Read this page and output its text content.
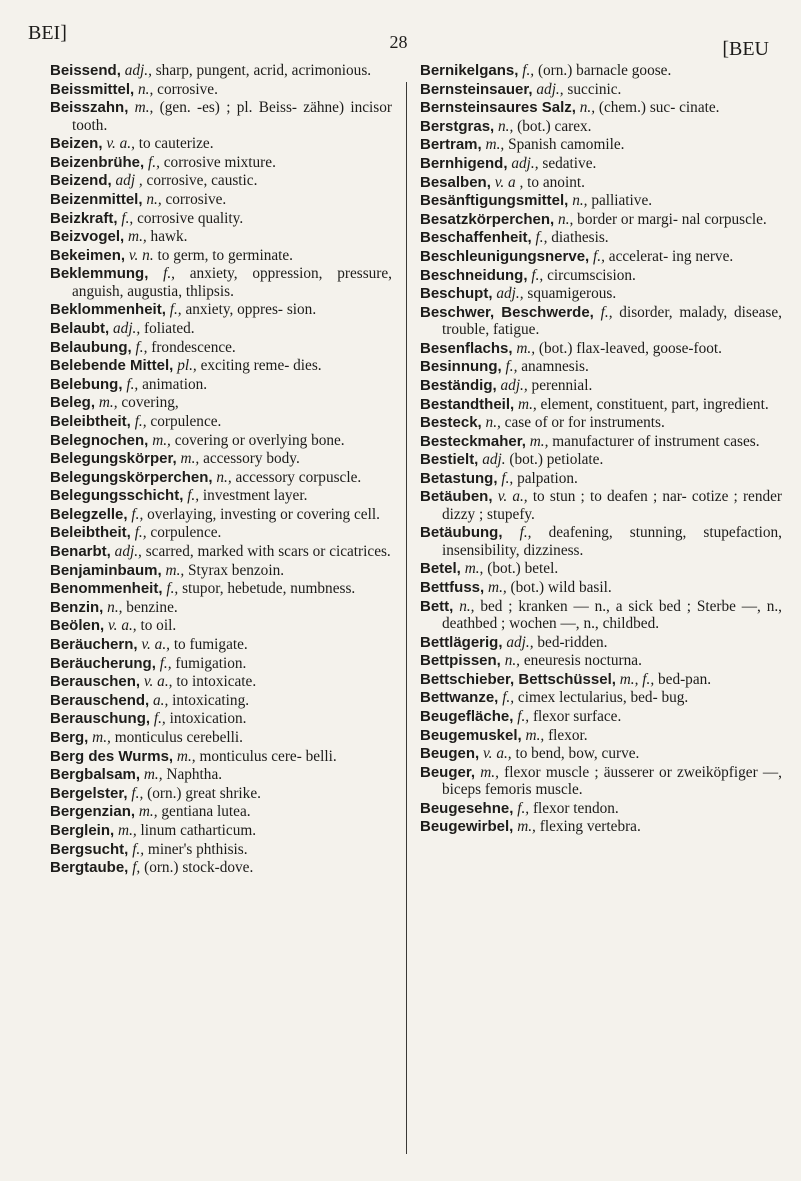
BEI]	28	[BEU

Beissend, adj., sharp, pungent, acrid, acrimonious.

Beissmittel, n., corrosive.

Beisszahn, m., (gen. -es) ; pl. Beiss- zähne) incisor tooth.

Beizen, v. a., to cauterize.

Beizenbrühe, f., corrosive mixture.

Beizend, adj , corrosive, caustic.

Beizenmittel, n., corrosive.

Beizkraft, f., corrosive quality.

Beizvogel, m., hawk.

Bekeimen, v. n. to germ, to germinate.

Beklemmung, f., anxiety, oppression, pressure, anguish, augustia, thlipsis.

Beklommenheit, f., anxiety, oppres- sion.

Belaubt, adj., foliated.

Belaubung, f., frondescence.

Belebende Mittel, pl., exciting reme- dies.

Belebung, f., animation.

Beleg, m., covering,

Beleibtheit, f., corpulence.

Belegnochen, m., covering or overlying bone.

Belegungskörper, m., accessory body.

Belegungskörperchen, n., accessory corpuscle.

Belegungsschicht, f., investment layer.

Belegzelle, f., overlaying, investing or covering cell.

Beleibtheit, f., corpulence.

Benarbt, adj., scarred, marked with scars or cicatrices.

Benjaminbaum, m., Styrax benzoin.

Benommenheit, f., stupor, hebetude, numbness.

Benzin, n., benzine.

Beölen, v. a., to oil.

Beräuchern, v. a., to fumigate.

Beräucherung, f., fumigation.

Berauschen, v. a., to intoxicate.

Berauschend, a., intoxicating.

Berauschung, f., intoxication.

Berg, m., monticulus cerebelli.

Berg des Wurms, m., monticulus cere- belli.

Bergbalsam, m., Naphtha.

Bergelster, f., (orn.) great shrike.

Bergenzian, m., gentiana lutea.

Berglein, m., linum catharticum.

Bergsucht, f., miner's phthisis.

Bergtaube, f, (orn.) stock-dove.

Bernikelgans, f., (orn.) barnacle goose.

Bernsteinsauer, adj., succinic.

Bernsteinsaures Salz, n., (chem.) suc- cinate.

Berstgras, n., (bot.) carex.

Bertram, m., Spanish camomile.

Bernhigend, adj., sedative.

Besalben, v. a , to anoint.

Besänftigungsmittel, n., palliative.

Besatzkörperchen, n., border or margi- nal corpuscle.

Beschaffenheit, f., diathesis.

Beschleunigungsnerve, f., accelerat- ing nerve.

Beschneidung, f., circumscision.

Beschupt, adj., squamigerous.

Beschwer, Beschwerde, f., disorder, malady, disease, trouble, fatigue.

Besenflachs, m., (bot.) flax-leaved, goose-foot.

Besinnung, f., anamnesis.

Beständig, adj., perennial.

Bestandtheil, m., element, constituent, part, ingredient.

Besteck, n., case of or for instruments.

Besteckmaher, m., manufacturer of instrument cases.

Bestielt, adj. (bot.) petiolate.

Betastung, f., palpation.

Betäuben, v. a., to stun ; to deafen ; nar- cotize ; render dizzy ; stupefy.

Betäubung, f., deafening, stunning, stupefaction, insensibility, dizziness.

Betel, m., (bot.) betel.

Bettfuss, m., (bot.) wild basil.

Bett, n., bed ; kranken — n., a sick bed ; Sterbe —, n., deathbed ; wochen —, n., childbed.

Bettlägerig, adj., bed-ridden.

Bettpissen, n., eneuresis nocturna.

Bettschieber, Bettschüssel, m., f., bed-pan.

Bettwanze, f., cimex lectularius, bed- bug.

Beugefläche, f., flexor surface.

Beugemuskel, m., flexor.

Beugen, v. a., to bend, bow, curve.

Beuger, m., flexor muscle ; äusserer or zweiköpfiger —, biceps femoris muscle.

Beugesehne, f., flexor tendon.

Beugewirbel, m., flexing vertebra.
